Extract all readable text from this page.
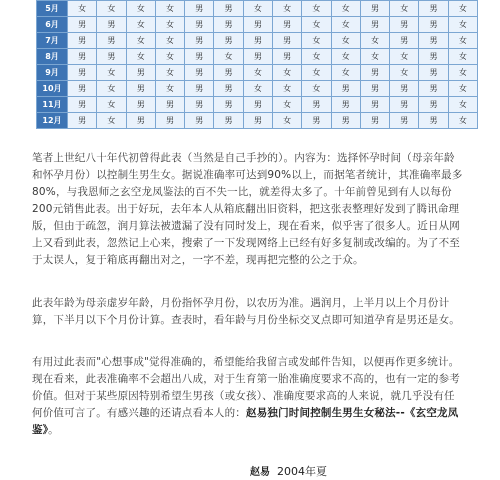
5月	女	女	女	女	男	男	女	女	女	女	男	女	男	女
6月	男	男	女	女	男	男	男	男	女	女	男	男	男	女
7月	男	男	女	女	男	男	男	男	女	女	女	男	男	女
8月	男	男	女	女	男	女	男	男	女	女	女	女	男	女
9月	男	女	男	女	男	男	女	女	女	女	男	女	男	女
10月	男	女	男	女	男	男	女	女	女	男	男	男	男	女
11月	男	女	男	男	男	男	男	女	男	男	男	男	男	女
12月	男	女	男	男	男	男	男	女	男	男	男	男	男	女

笔者上世纪八十年代初曾得此表（当然是自己手抄的）。内容为：选择怀孕时间（母亲年龄和怀孕月份）以控制生男生女。据说准确率可达到90%以上，而据笔者统计，其准确率最多80%，与我恩师之玄空龙凤鉴法的百不失一比，就差得太多了。十年前曾见到有人以每份200元销售此表。出于好玩，去年本人从箱底翻出旧资料，把这张表整理好发到了腾讯命理版，但由于疏忽，润月算法被遗漏了没有同时发上，现在看来，似乎害了很多人。近日从网上又看到此表，忽然记上心来，搜索了一下发现网络上已经有好多复制或改编的。为了不至于太误人，复于箱底再翻出对之，一字不差，现再把完整的公之于众。

此表年龄为母亲虚岁年龄，月份指怀孕月份，以农历为准。遇润月，上半月以上个月份计算，下半月以下个月份计算。查表时，看年龄与月份坐标交叉点即可知道孕育是男还是女。

有用过此表而"心想事成"觉得准确的，希望能给我留言或发邮件告知，以便再作更多统计。现在看来，此表准确率不会超出八成，对于生育第一胎准确度要求不高的，也有一定的参考价值。但对于某些原因特别希望生男孩（或女孩）、准确度要求高的人来说，就几乎没有任何价值可言了。有感兴趣的还请点看本人的：赵易独门时间控制生男生女秘法--《玄空龙凤鉴》。

赵易 2004年夏
